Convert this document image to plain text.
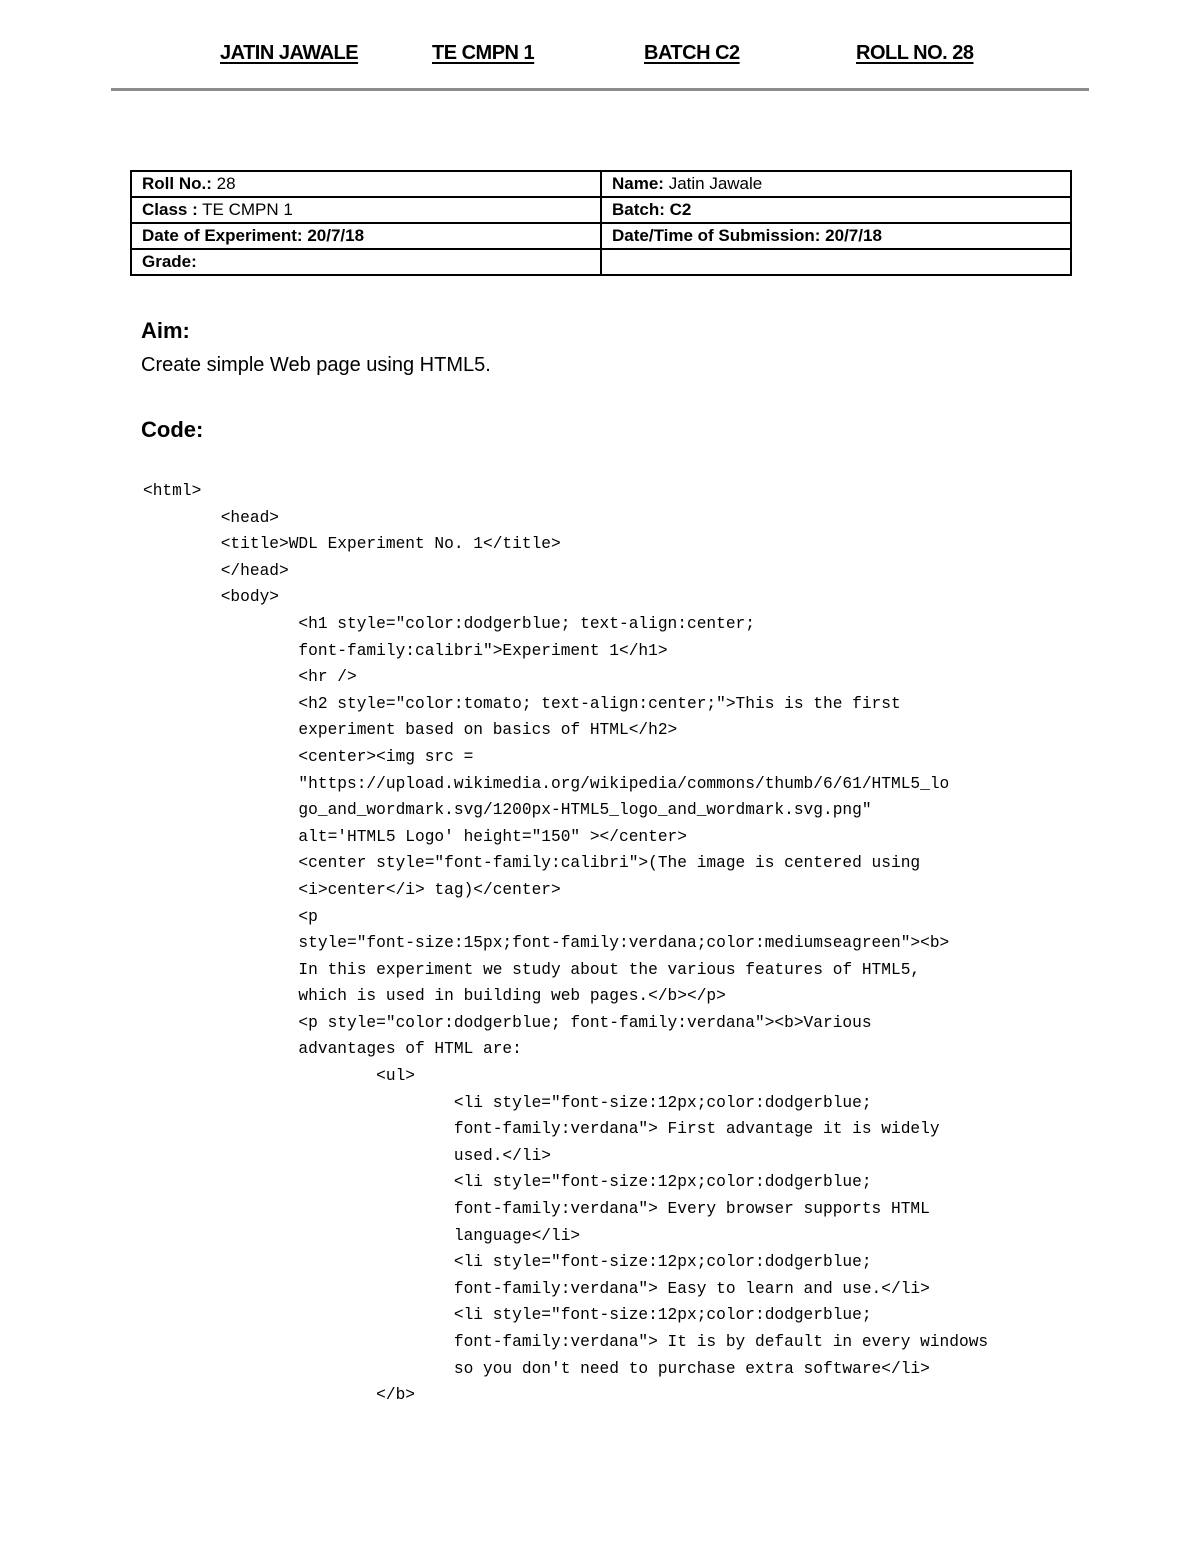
JATIN JAWALE	TE CMPN 1	BATCH C2	ROLL NO. 28
Roll No.: 28	Name: Jatin Jawale
Class : TE CMPN 1	Batch: C2
Date of Experiment: 20/7/18	Date/Time of Submission: 20/7/18
Grade:	
Aim:

Create simple Web page using HTML5.

Code:
<html>
<head>
<title>WDL Experiment No. 1</title>
</head>
<body>
<h1 style="color:dodgerblue; text-align:center;
font-family:calibri">Experiment 1</h1>
<hr />
<h2 style="color:tomato; text-align:center;">This is the first
experiment based on basics of HTML</h2>
<center><img src =
"https://upload.wikimedia.org/wikipedia/commons/thumb/6/61/HTML5_lo
go_and_wordmark.svg/1200px-HTML5_logo_and_wordmark.svg.png"
alt='HTML5 Logo' height="150" ></center>
<center style="font-family:calibri">(The image is centered using
<i>center</i> tag)</center>
<p
style="font-size:15px;font-family:verdana;color:mediumseagreen"><b>
In this experiment we study about the various features of HTML5,
which is used in building web pages.</b></p>
<p style="color:dodgerblue; font-family:verdana"><b>Various
advantages of HTML are:
<ul>
<li style="font-size:12px;color:dodgerblue;
font-family:verdana"> First advantage it is widely
used.</li>
<li style="font-size:12px;color:dodgerblue;
font-family:verdana"> Every browser supports HTML
language</li>
<li style="font-size:12px;color:dodgerblue;
font-family:verdana"> Easy to learn and use.</li>
<li style="font-size:12px;color:dodgerblue;
font-family:verdana"> It is by default in every windows
so you don't need to purchase extra software</li>
</b>
